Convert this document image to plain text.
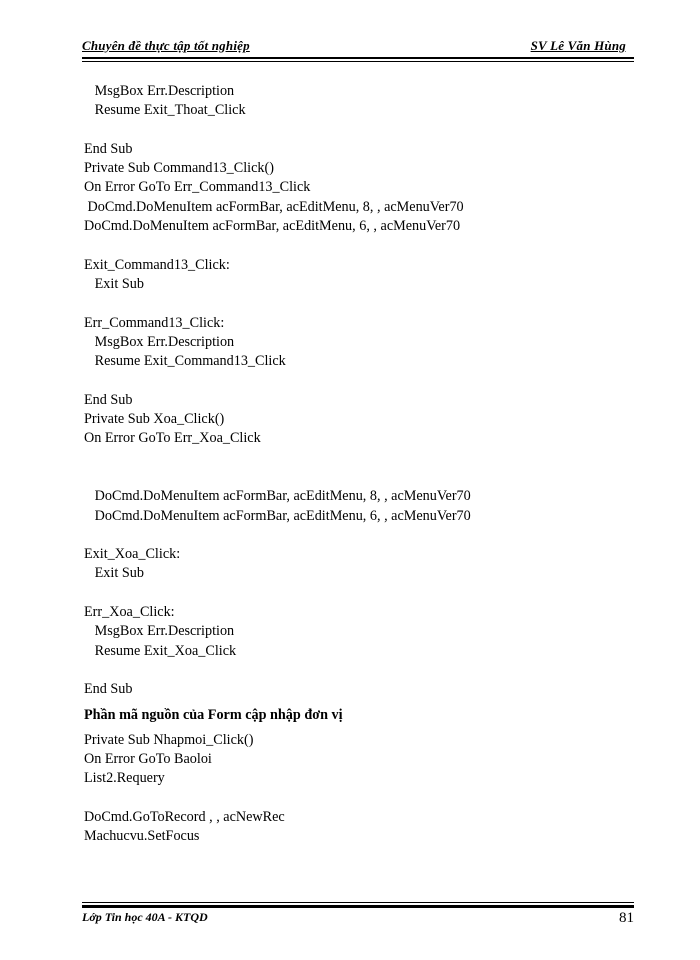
Chuyên đề thực tập tốt nghiệp	SV Lê Văn Hùng
MsgBox Err.Description
Resume Exit_Thoat_Click
End Sub
Private Sub Command13_Click()
On Error GoTo Err_Command13_Click
DoCmd.DoMenuItem acFormBar, acEditMenu, 8, , acMenuVer70
DoCmd.DoMenuItem acFormBar, acEditMenu, 6, , acMenuVer70
Exit_Command13_Click:
Exit Sub
Err_Command13_Click:
MsgBox Err.Description
Resume Exit_Command13_Click
End Sub
Private Sub Xoa_Click()
On Error GoTo Err_Xoa_Click
DoCmd.DoMenuItem acFormBar, acEditMenu, 8, , acMenuVer70
DoCmd.DoMenuItem acFormBar, acEditMenu, 6, , acMenuVer70
Exit_Xoa_Click:
Exit Sub
Err_Xoa_Click:
MsgBox Err.Description
Resume Exit_Xoa_Click
End Sub
Phần mã nguồn của Form cập nhập đơn vị
Private Sub Nhapmoi_Click()
On Error GoTo Baoloi
List2.Requery
DoCmd.GoToRecord , , acNewRec
Machucvu.SetFocus
Lớp Tin học 40A - KTQD	81
